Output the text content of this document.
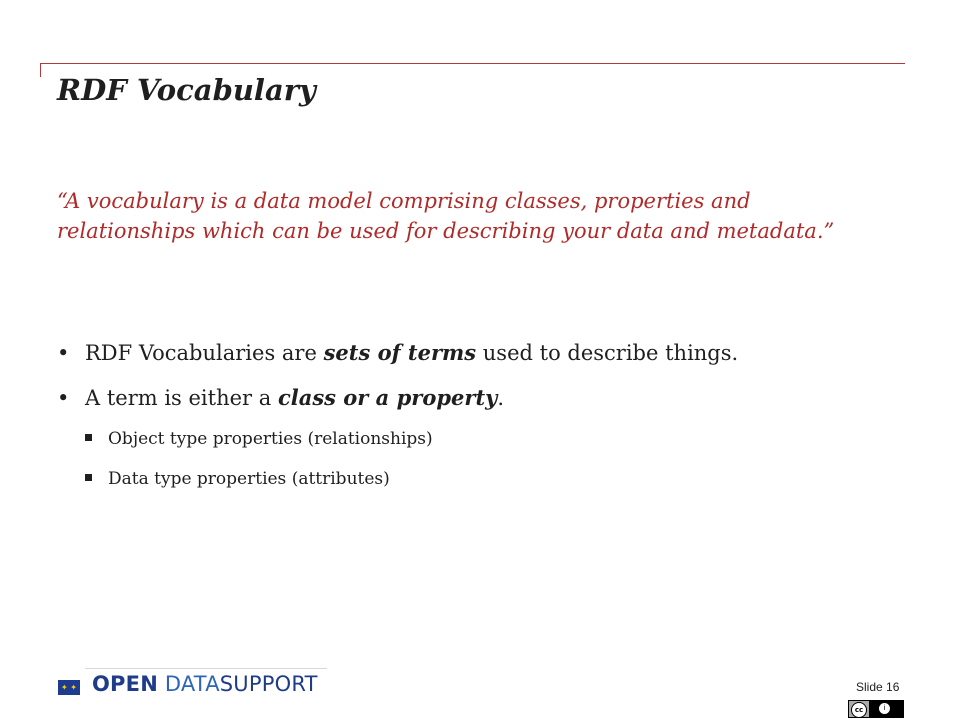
RDF Vocabulary

“A vocabulary is a data model comprising classes, properties and relationships which can be used for describing your data and metadata.”

• RDF Vocabularies are sets of terms used to describe things.
• A term is either a class or a property.
Object type properties (relationships)
Data type properties (attributes)
✦ ✦ OPEN DATASUPPORT	Slide 16
cc	i
